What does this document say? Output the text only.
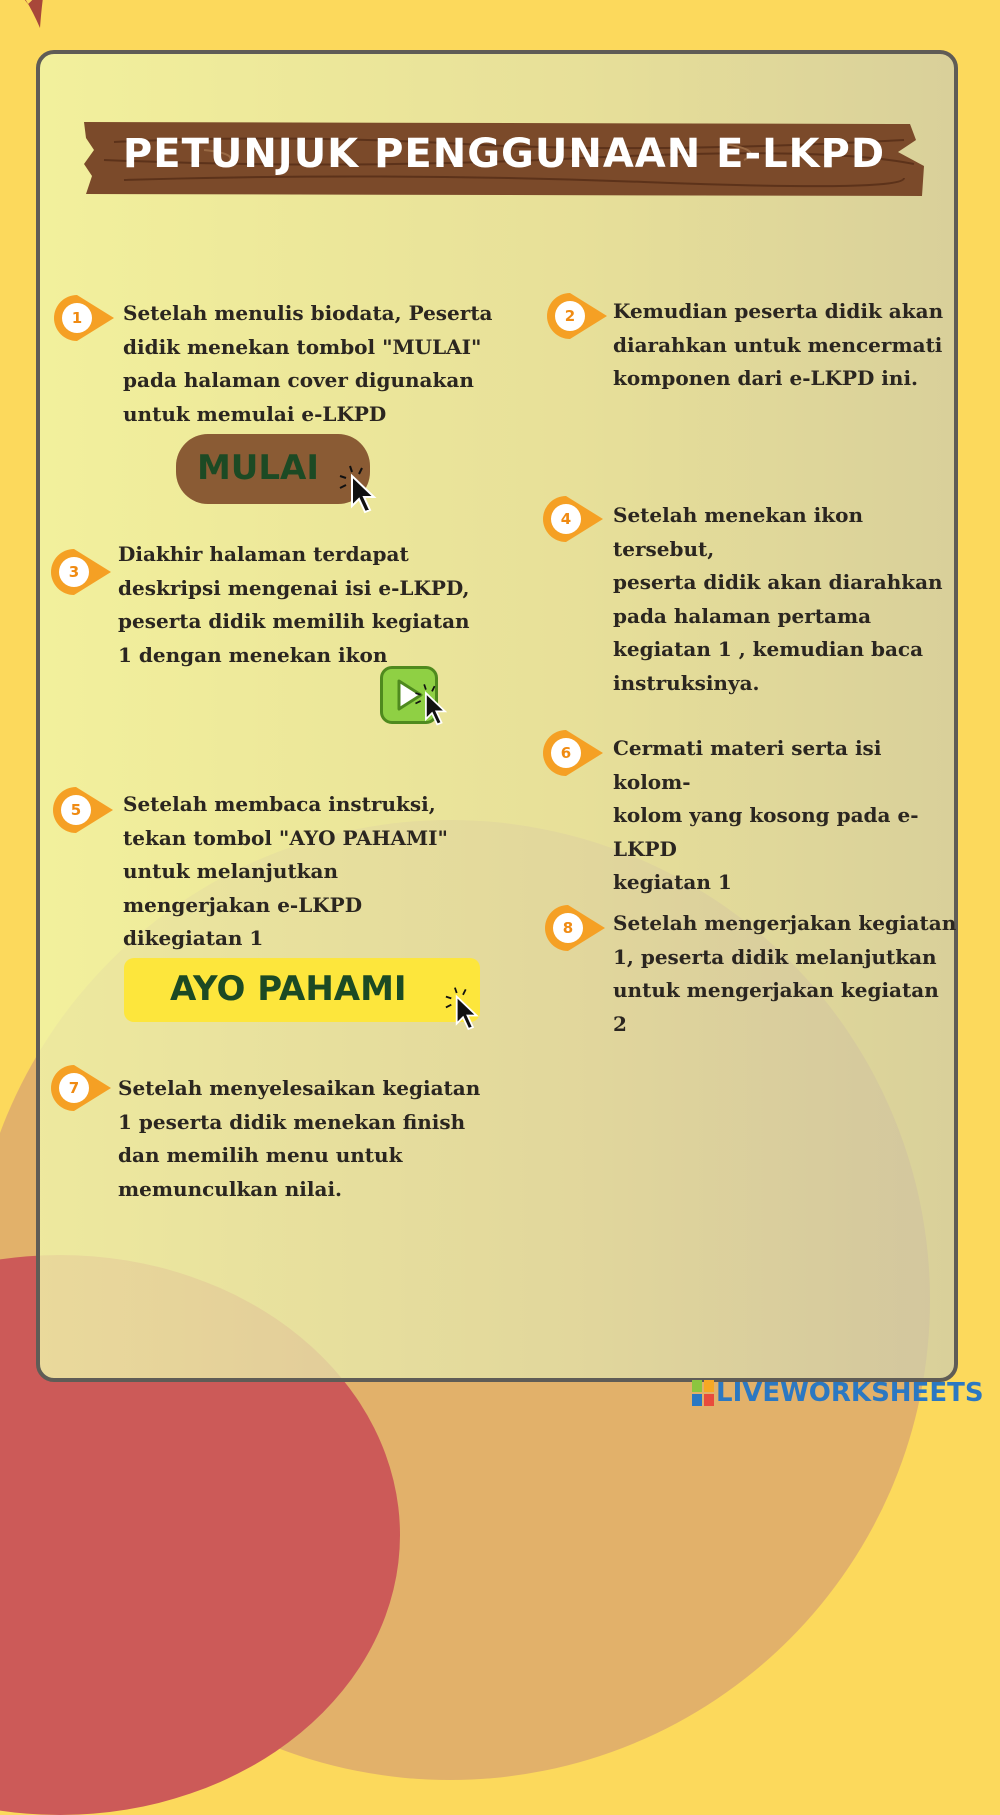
PETUNJUK PENGGUNAAN E-LKPD
1	Setelah menulis biodata, Peserta
didik menekan tombol "MULAI"
pada halaman cover digunakan
untuk memulai e-LKPD
MULAI
2	Kemudian peserta didik akan
diarahkan untuk mencermati
komponen dari e-LKPD ini.
3
Diakhir halaman terdapat
deskripsi mengenai isi e-LKPD,
peserta didik memilih kegiatan
1 dengan menekan ikon
4	Setelah menekan ikon tersebut,
peserta didik akan diarahkan
pada halaman pertama
kegiatan 1 , kemudian baca
instruksinya.
5	Setelah membaca instruksi,
tekan tombol "AYO PAHAMI"
untuk melanjutkan
mengerjakan e-LKPD
dikegiatan 1
AYO PAHAMI
6	Cermati materi serta isi kolom-
kolom yang kosong pada e-LKPD
kegiatan 1
7	Setelah menyelesaikan kegiatan
1 peserta didik menekan finish
dan memilih menu untuk
memunculkan nilai.
8	Setelah mengerjakan kegiatan
1, peserta didik melanjutkan
untuk mengerjakan kegiatan 2
LIVEWORKSHEETS
